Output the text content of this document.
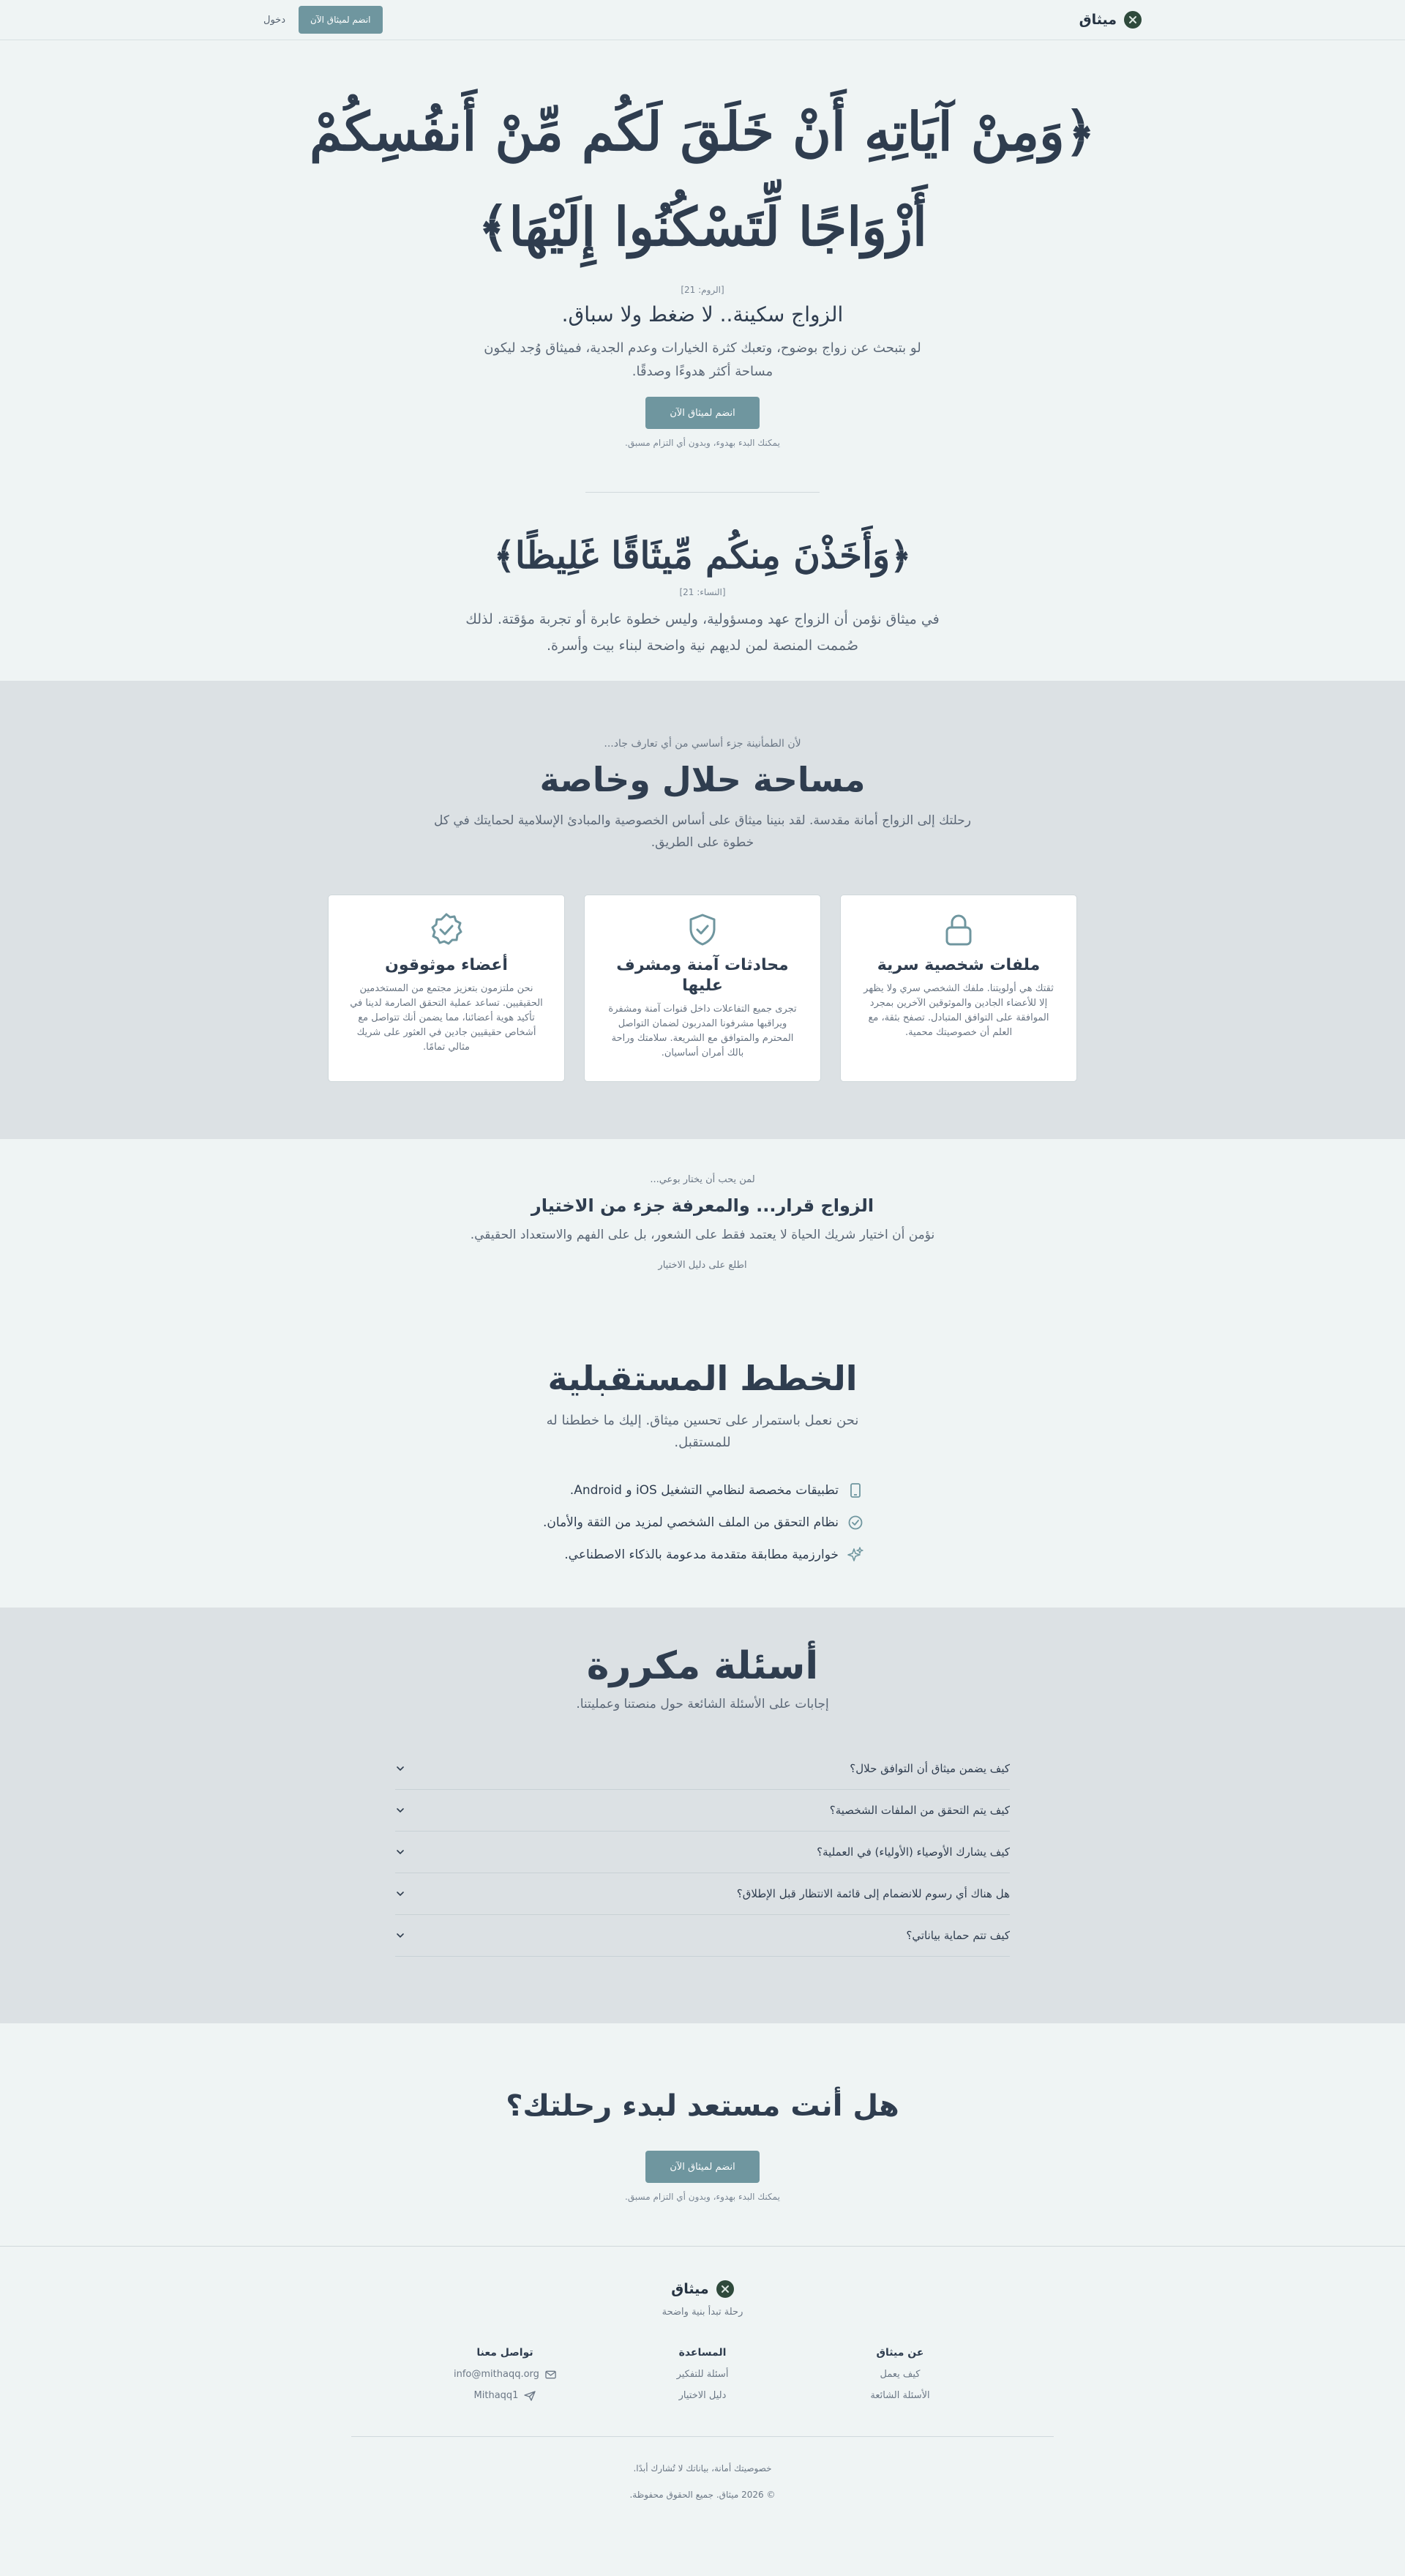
ميثاق
دخول	انضم لميثاق الآن
﴿وَمِنْ آيَاتِهِ أَنْ خَلَقَ لَكُم مِّنْ أَنفُسِكُمْ أَزْوَاجًا لِّتَسْكُنُوا إِلَيْهَا﴾
[الروم: 21]
الزواج سكينة.. لا ضغط ولا سباق.

لو بتبحث عن زواج بوضوح، وتعبك كثرة الخيارات وعدم الجدية، فميثاق وُجد ليكون مساحة أكثر هدوءًا وصدقًا.

انضم لميثاق الآن
يمكنك البدء بهدوء، وبدون أي التزام مسبق.
﴿وَأَخَذْنَ مِنكُم مِّيثَاقًا غَلِيظًا﴾
[النساء: 21]

في ميثاق نؤمن أن الزواج عهد ومسؤولية، وليس خطوة عابرة أو تجربة مؤقتة. لذلك صُممت المنصة لمن لديهم نية واضحة لبناء بيت وأسرة.

لأن الطمأنينة جزء أساسي من أي تعارف جاد...
مساحة حلال وخاصة

رحلتك إلى الزواج أمانة مقدسة. لقد بنينا ميثاق على أساس الخصوصية والمبادئ الإسلامية لحمايتك في كل خطوة على الطريق.

ملفات شخصية سرية
ثقتك هي أولويتنا. ملفك الشخصي سري ولا يظهر إلا للأعضاء الجادين والموثوقين الآخرين بمجرد الموافقة على التوافق المتبادل. تصفح بثقة، مع العلم أن خصوصيتك محمية.
محادثات آمنة ومشرف عليها
تجرى جميع التفاعلات داخل قنوات آمنة ومشفرة ويراقبها مشرفونا المدربون لضمان التواصل المحترم والمتوافق مع الشريعة. سلامتك وراحة بالك أمران أساسيان.
أعضاء موثوقون
نحن ملتزمون بتعزيز مجتمع من المستخدمين الحقيقيين. تساعد عملية التحقق الصارمة لدينا في تأكيد هوية أعضائنا، مما يضمن أنك تتواصل مع أشخاص حقيقيين جادين في العثور على شريك مثالي تمامًا.
لمن يحب أن يختار بوعي...
الزواج قرار... والمعرفة جزء من الاختيار

نؤمن أن اختيار شريك الحياة لا يعتمد فقط على الشعور، بل على الفهم والاستعداد الحقيقي.

اطلع على دليل الاختيار
الخطط المستقبلية

نحن نعمل باستمرار على تحسين ميثاق. إليك ما خططنا له للمستقبل.

تطبيقات مخصصة لنظامي التشغيل iOS و Android.
نظام التحقق من الملف الشخصي لمزيد من الثقة والأمان.
خوارزمية مطابقة متقدمة مدعومة بالذكاء الاصطناعي.
أسئلة مكررة

إجابات على الأسئلة الشائعة حول منصتنا وعمليتنا.

كيف يضمن ميثاق أن التوافق حلال؟
كيف يتم التحقق من الملفات الشخصية؟
كيف يشارك الأوصياء (الأولياء) في العملية؟
هل هناك أي رسوم للانضمام إلى قائمة الانتظار قبل الإطلاق؟
كيف تتم حماية بياناتي؟
هل أنت مستعد لبدء رحلتك؟
انضم لميثاق الآن
يمكنك البدء بهدوء، وبدون أي التزام مسبق.
ميثاق
رحلة تبدأ بنية واضحة
عن ميثاق
كيف يعمل
الأسئلة الشائعة
المساعدة
أسئلة للتفكير
دليل الاختيار
تواصل معنا
info@mithaqq.org
Mithaqq1
خصوصيتك أمانة، بياناتك لا تُشارك أبدًا.
© 2026 ميثاق. جميع الحقوق محفوظة.
